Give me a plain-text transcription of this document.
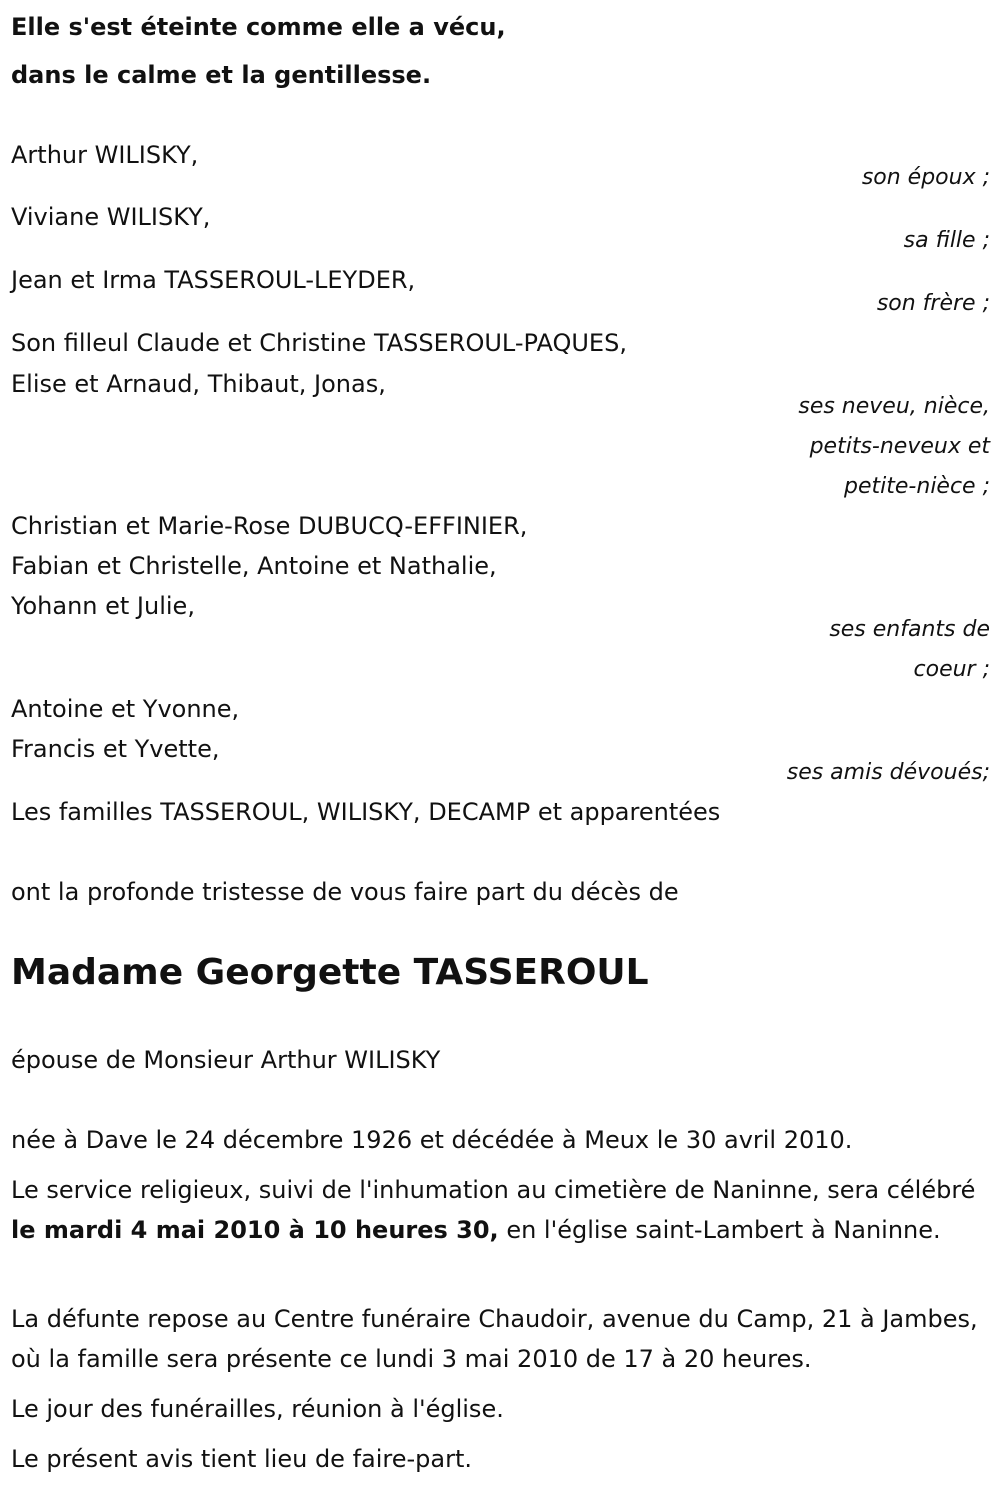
Elle s'est éteinte comme elle a vécu,
dans le calme et la gentillesse.
Arthur WILISKY,
son époux ;
Viviane WILISKY,
sa fille ;
Jean et Irma TASSEROUL-LEYDER,
son frère ;
Son filleul Claude et Christine TASSEROUL-PAQUES,
Elise et Arnaud, Thibaut, Jonas,
ses neveu, nièce,
petits-neveux et
petite-nièce ;
Christian et Marie-Rose DUBUCQ-EFFINIER,
Fabian et Christelle, Antoine et Nathalie,
Yohann et Julie,
ses enfants de
coeur ;
Antoine et Yvonne,
Francis et Yvette,
ses amis dévoués;
Les familles TASSEROUL, WILISKY, DECAMP et apparentées
ont la profonde tristesse de vous faire part du décès de
Madame Georgette TASSEROUL
épouse de Monsieur Arthur WILISKY
née à Dave le 24 décembre 1926 et décédée à Meux le 30 avril 2010.
Le service religieux, suivi de l'inhumation au cimetière de Naninne, sera célébré le mardi 4 mai 2010 à 10 heures 30, en l'église saint-Lambert à Naninne.
La défunte repose au Centre funéraire Chaudoir, avenue du Camp, 21 à Jambes, où la famille sera présente ce lundi 3 mai 2010 de 17 à 20 heures.
Le jour des funérailles, réunion à l'église.
Le présent avis tient lieu de faire-part.
